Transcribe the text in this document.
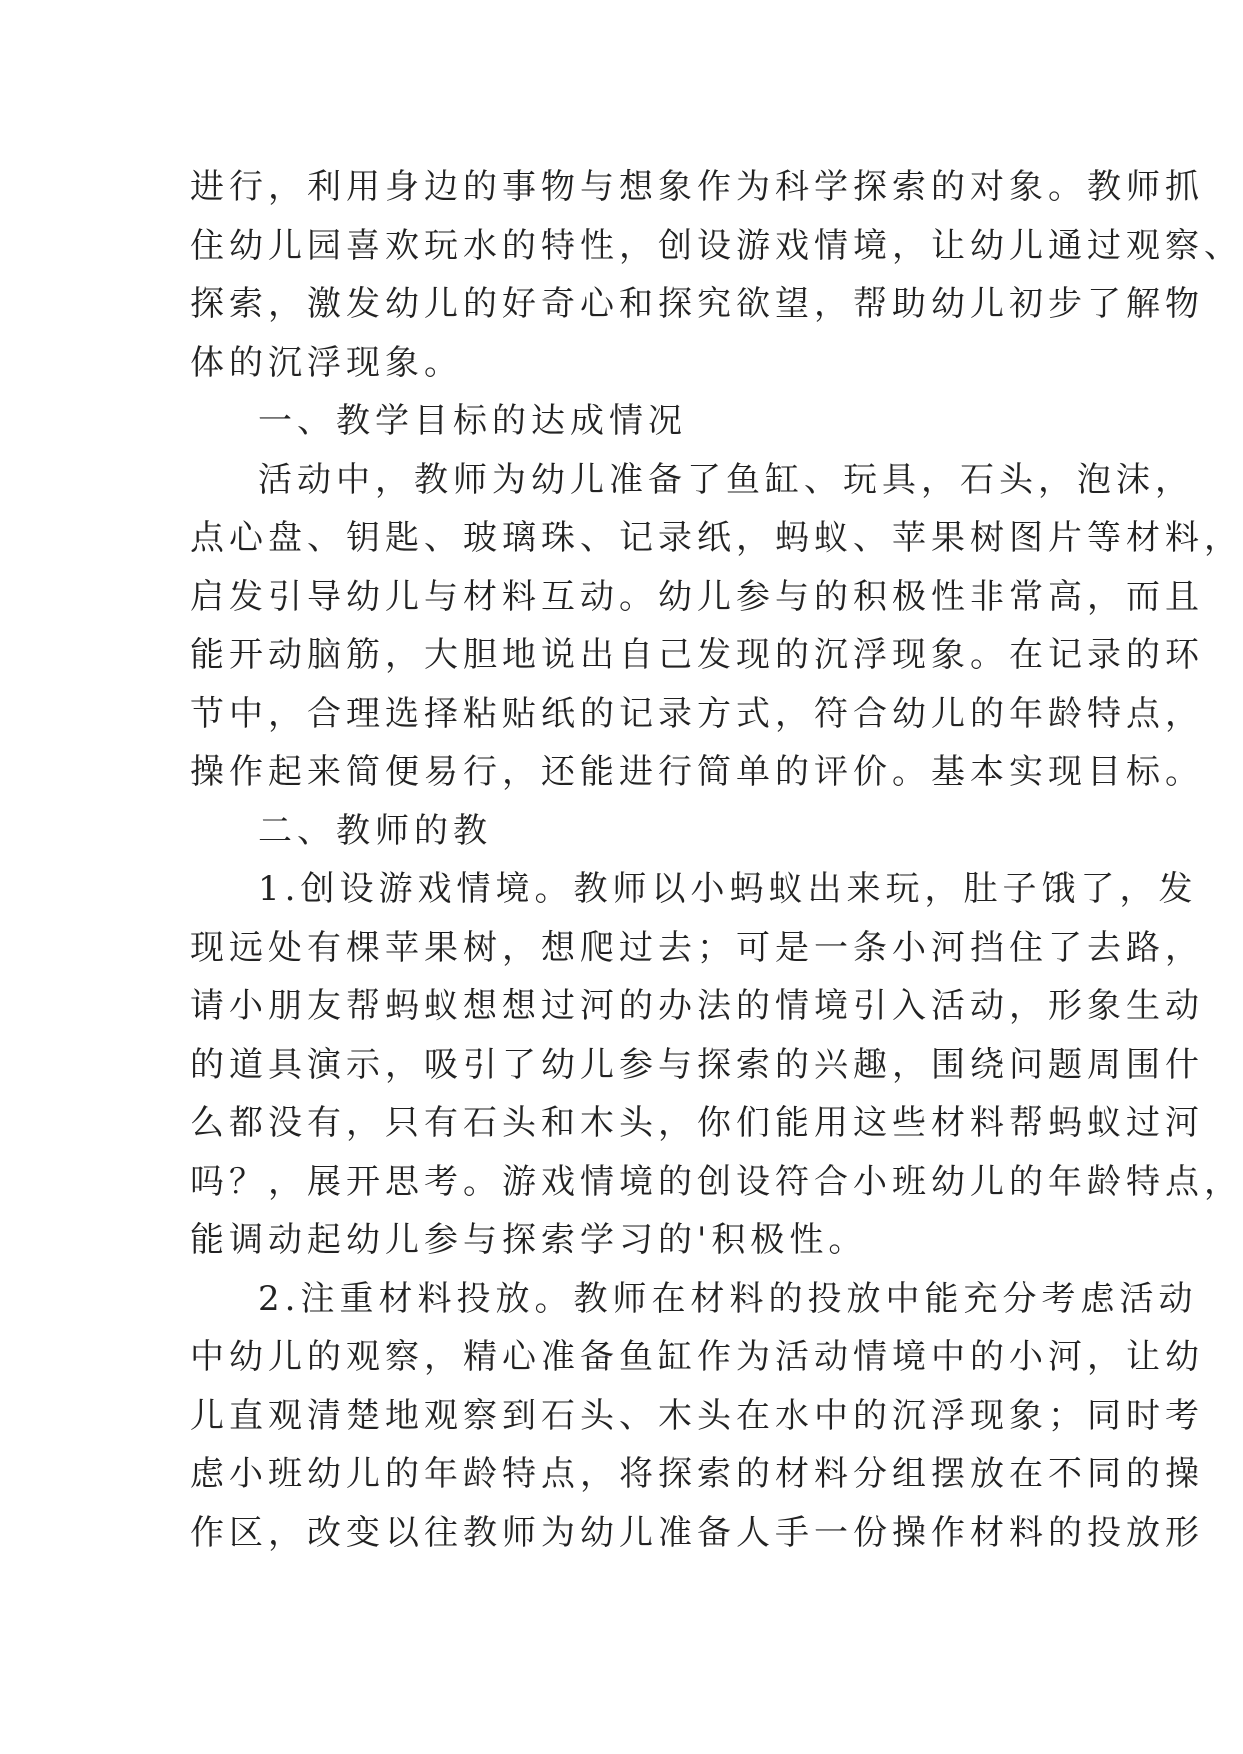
进行，利用身边的事物与想象作为科学探索的对象。教师抓
住幼儿园喜欢玩水的特性，创设游戏情境，让幼儿通过观察、
探索，激发幼儿的好奇心和探究欲望，帮助幼儿初步了解物
体的沉浮现象。
一、教学目标的达成情况
活动中，教师为幼儿准备了鱼缸、玩具，石头，泡沫，
点心盘、钥匙、玻璃珠、记录纸，蚂蚁、苹果树图片等材料，
启发引导幼儿与材料互动。幼儿参与的积极性非常高，而且
能开动脑筋，大胆地说出自己发现的沉浮现象。在记录的环
节中，合理选择粘贴纸的记录方式，符合幼儿的年龄特点，
操作起来简便易行，还能进行简单的评价。基本实现目标。
二、教师的教
1.创设游戏情境。教师以小蚂蚁出来玩，肚子饿了，发
现远处有棵苹果树，想爬过去；可是一条小河挡住了去路，
请小朋友帮蚂蚁想想过河的办法的情境引入活动，形象生动
的道具演示，吸引了幼儿参与探索的兴趣，围绕问题周围什
么都没有，只有石头和木头，你们能用这些材料帮蚂蚁过河
吗？，展开思考。游戏情境的创设符合小班幼儿的年龄特点，
能调动起幼儿参与探索学习的'积极性。
2.注重材料投放。教师在材料的投放中能充分考虑活动
中幼儿的观察，精心准备鱼缸作为活动情境中的小河，让幼
儿直观清楚地观察到石头、木头在水中的沉浮现象；同时考
虑小班幼儿的年龄特点，将探索的材料分组摆放在不同的操
作区，改变以往教师为幼儿准备人手一份操作材料的投放形
